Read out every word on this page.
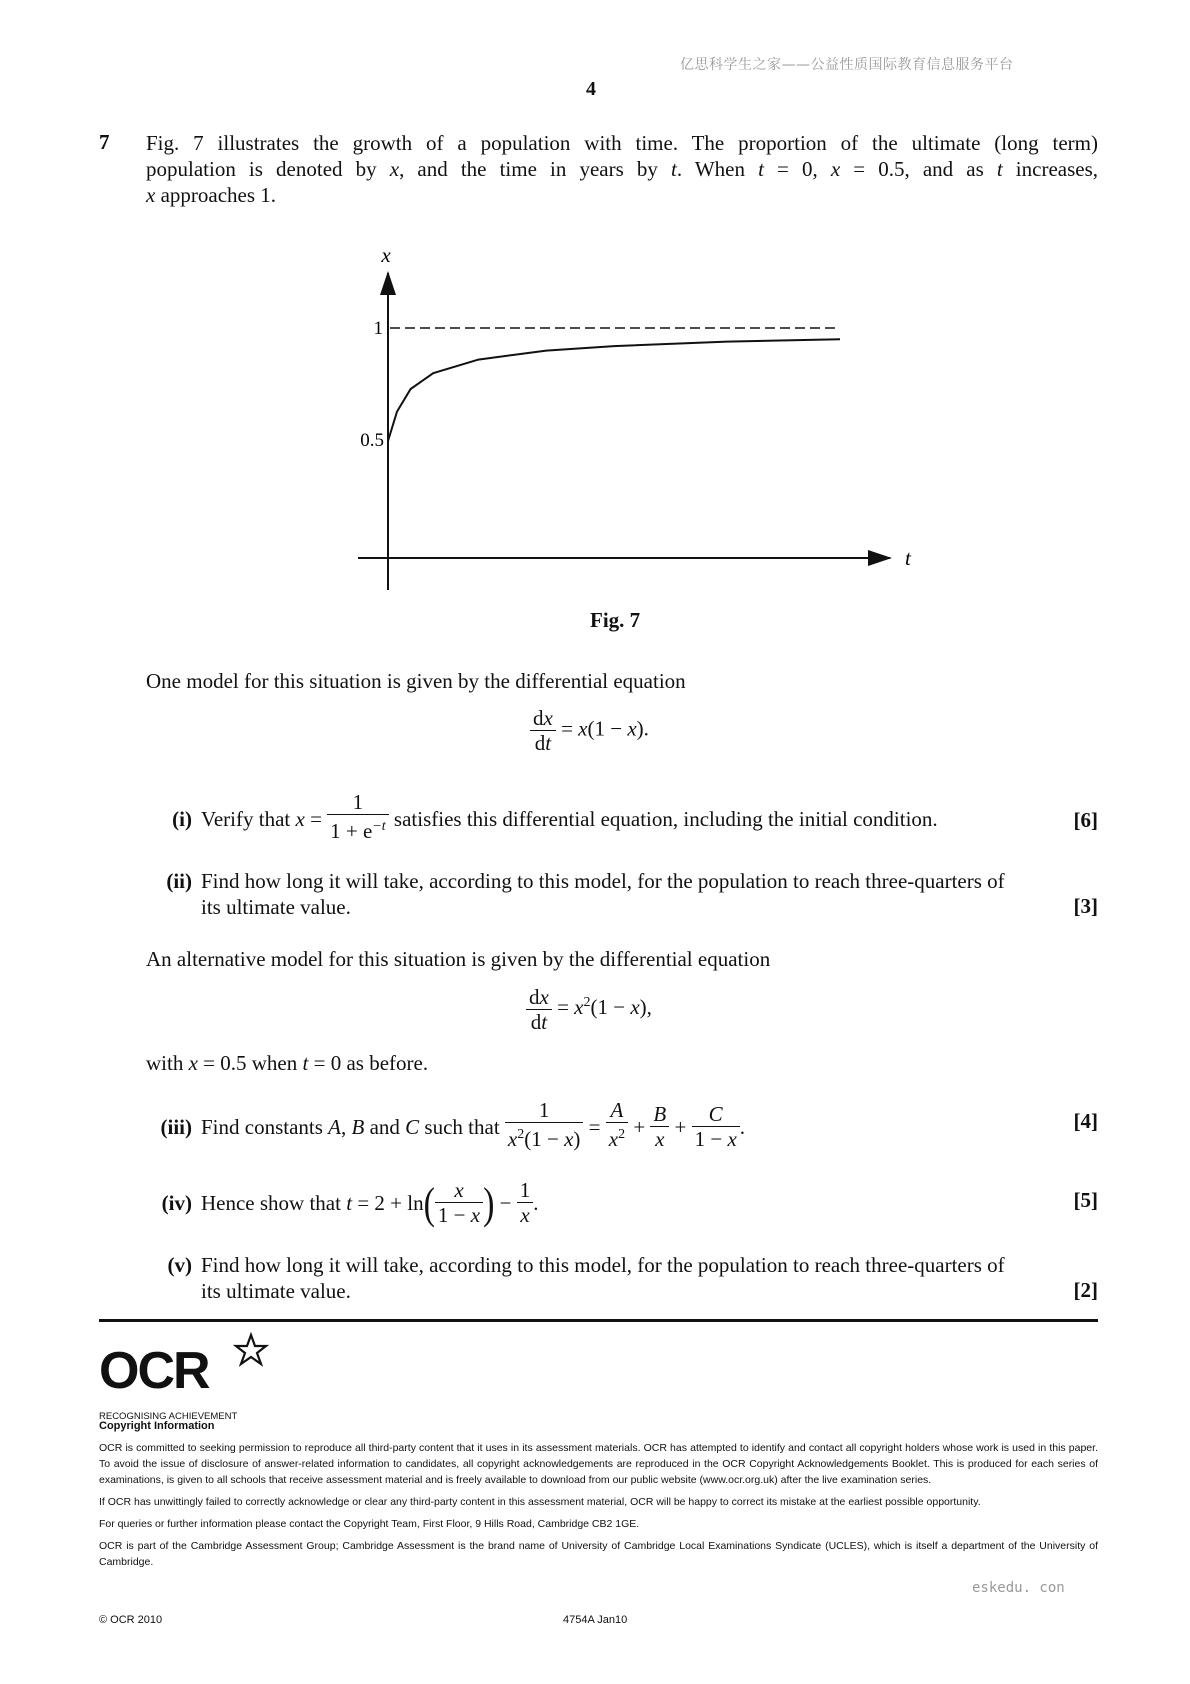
亿思科学生之家——公益性质国际教育信息服务平台
4
7 Fig. 7 illustrates the growth of a population with time. The proportion of the ultimate (long term)
population is denoted by x, and the time in years by t. When t = 0, x = 0.5, and as t increases,
x approaches 1.
x
t
1
0.5
Fig. 7
One model for this situation is given by the differential equation
$\frac{dx}{dt} = x(1 - x)$.
(i) Verify that $x = \frac{1}{1 + e^{-t}}$ satisfies this differential equation, including the initial condition.	[6]
(ii) Find how long it will take, according to this model, for the population to reach three-quarters of
its ultimate value.	[3]
An alternative model for this situation is given by the differential equation
$\frac{dx}{dt} = x^2(1 - x)$,
with x = 0.5 when t = 0 as before.
(iii) Find constants A, B and C such that $\frac{1}{x^2(1 - x)} = \frac{A}{x^2} + \frac{B}{x} + \frac{C}{1 - x}$ .	[4]
(iv) Hence show that $t = 2 + \ln( \frac{x}{1 - x}$ ) − $\frac{1}{x}$ .	[5]
(v) Find how long it will take, according to this model, for the population to reach three-quarters of
its ultimate value.	[2]
OCR
RECOGNISING ACHIEVEMENT
Copyright Information
OCR is committed to seeking permission to reproduce all third-party content that it uses in its assessment materials. OCR has attempted to identify and contact all copyright holders whose work is used in this paper. To avoid the issue of disclosure of answer-related information to candidates, all copyright acknowledgements are reproduced in the OCR Copyright Acknowledgements Booklet. This is produced for each series of examinations, is given to all schools that receive assessment material and is freely available to download from our public website (www.ocr.org.uk) after the live examination series.
If OCR has unwittingly failed to correctly acknowledge or clear any third-party content in this assessment material, OCR will be happy to correct its mistake at the earliest possible opportunity.
For queries or further information please contact the Copyright Team, First Floor, 9 Hills Road, Cambridge CB2 1GE.
OCR is part of the Cambridge Assessment Group; Cambridge Assessment is the brand name of University of Cambridge Local Examinations Syndicate (UCLES), which is itself a department of the University of Cambridge.
eskedu. con
© OCR 2010	4754A Jan10
